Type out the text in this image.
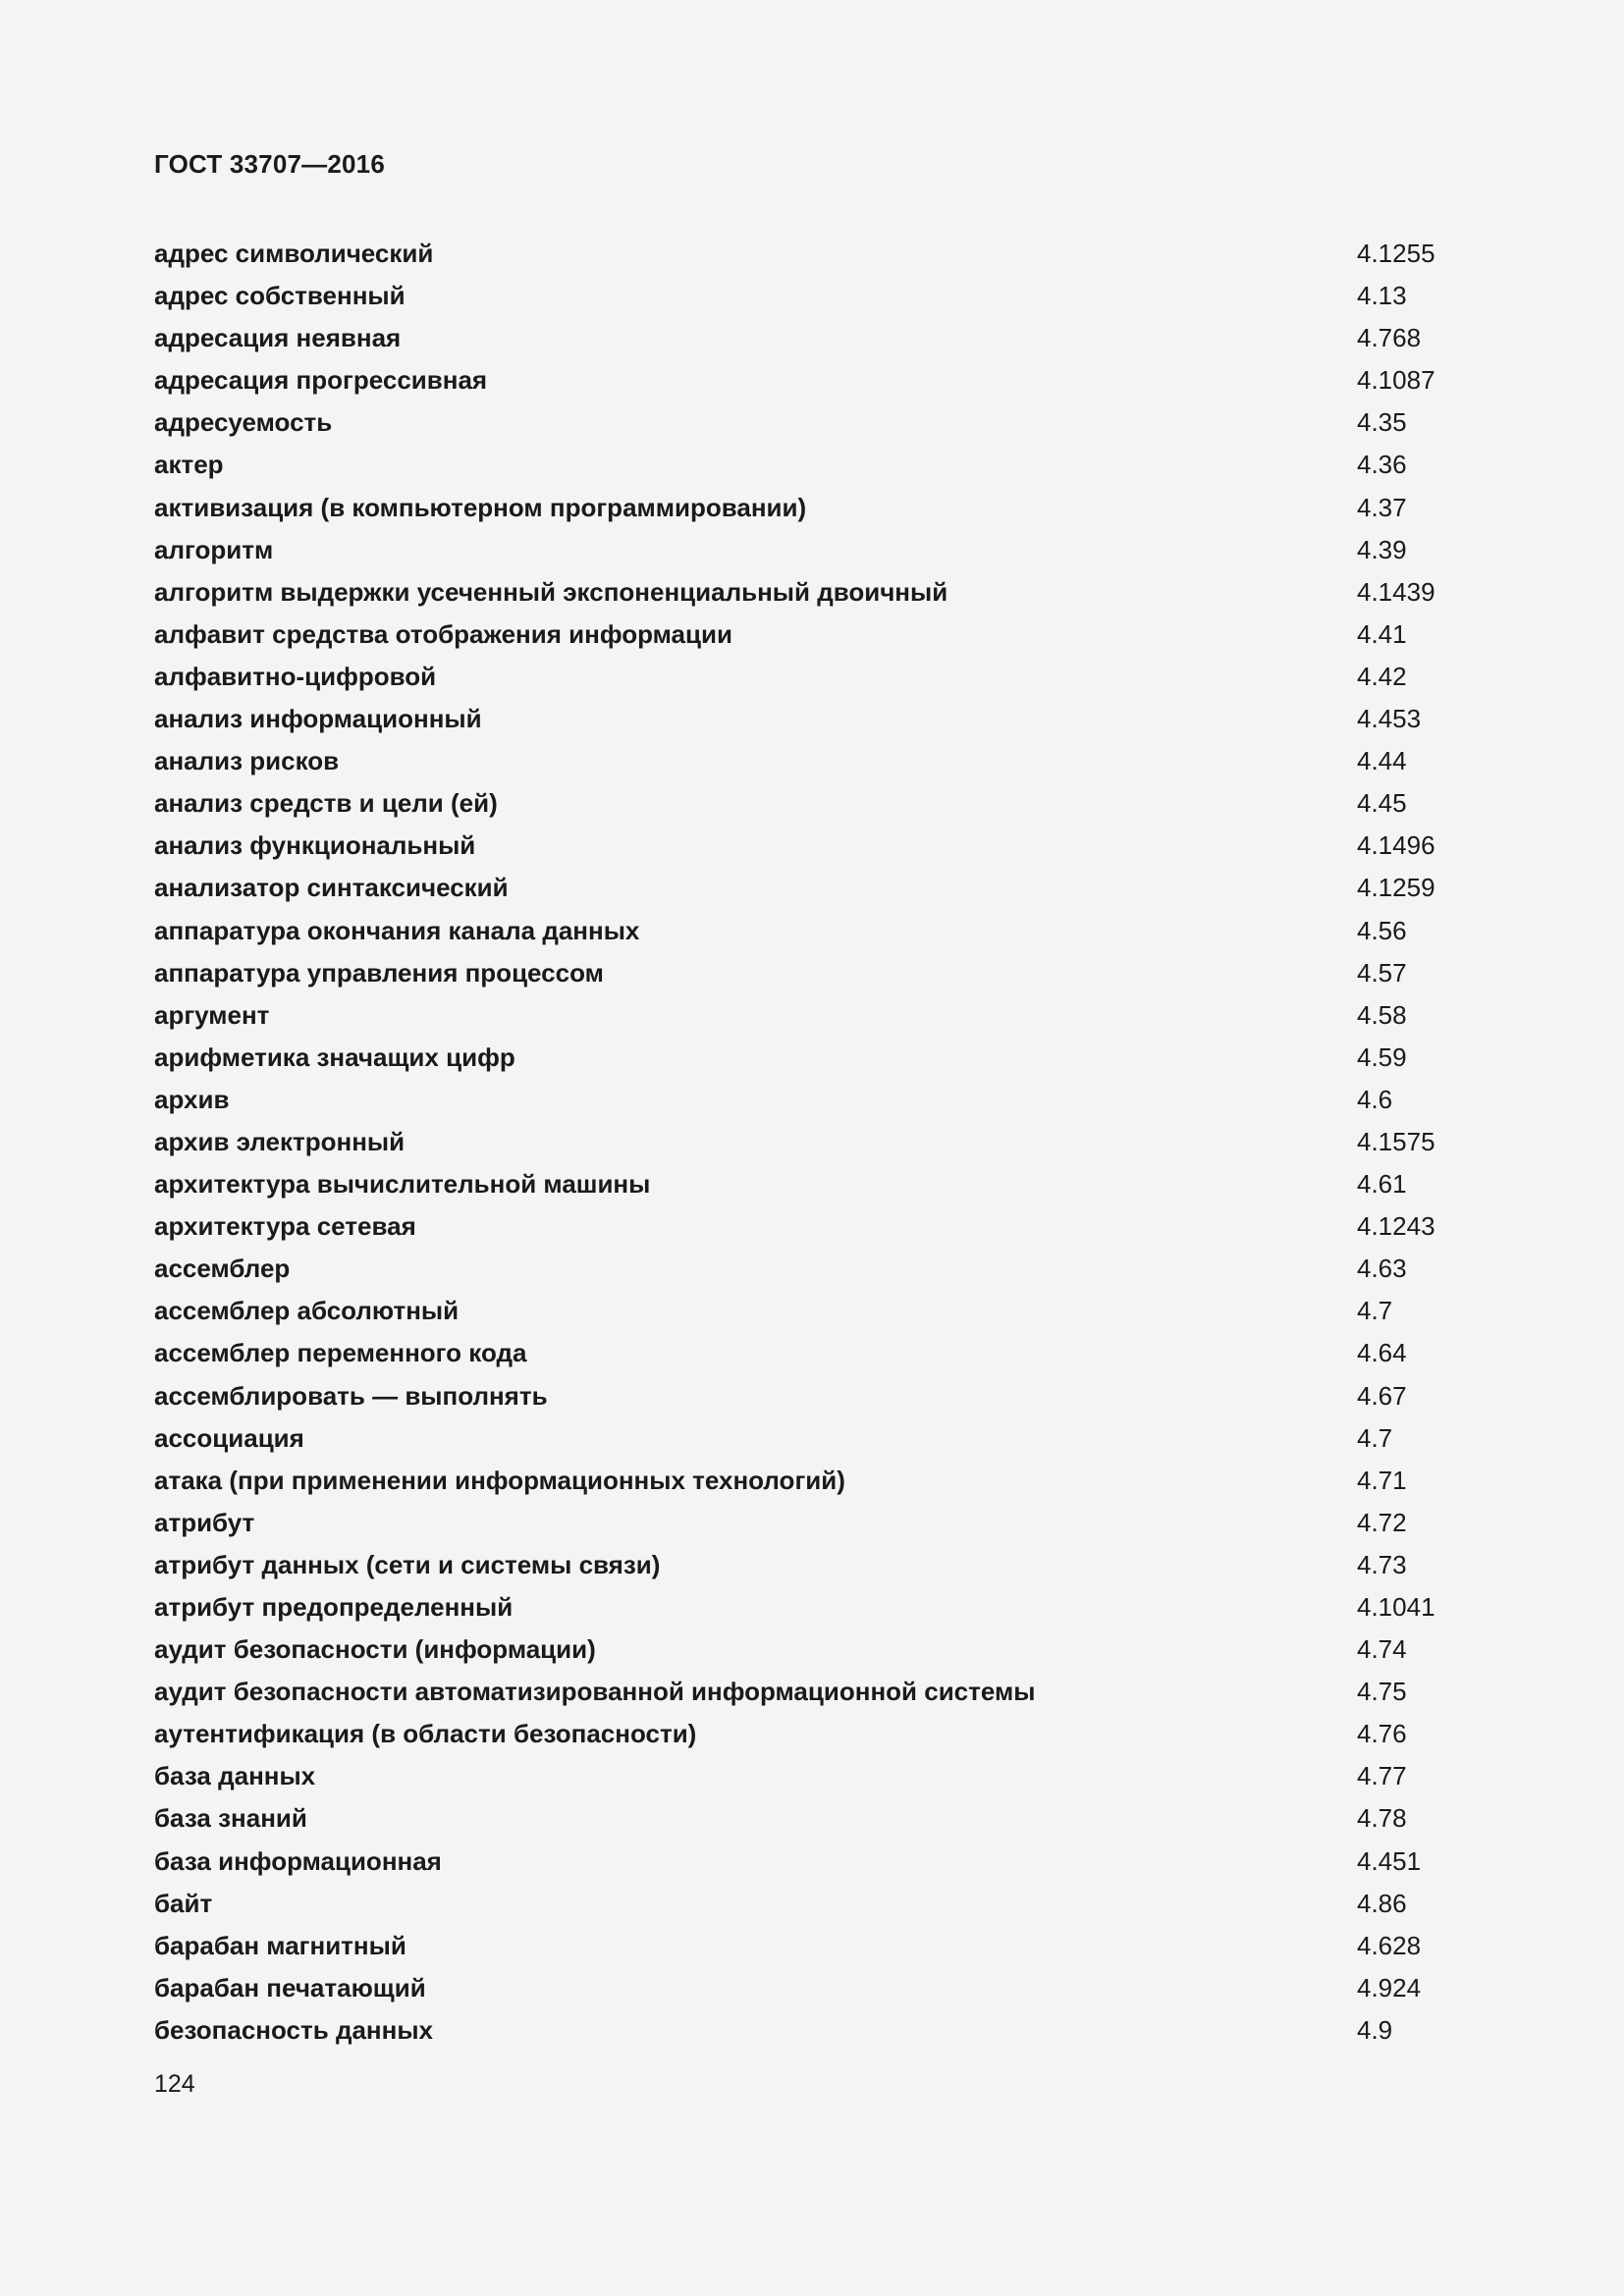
ГОСТ 33707—2016
адрес символический	4.1255
адрес собственный	4.13
адресация неявная	4.768
адресация прогрессивная	4.1087
адресуемость	4.35
актер	4.36
активизация (в компьютерном программировании)	4.37
алгоритм	4.39
алгоритм выдержки усеченный экспоненциальный двоичный	4.1439
алфавит средства отображения информации	4.41
алфавитно-цифровой	4.42
анализ информационный	4.453
анализ рисков	4.44
анализ средств и цели (ей)	4.45
анализ функциональный	4.1496
анализатор синтаксический	4.1259
аппаратура окончания канала данных	4.56
аппаратура управления процессом	4.57
аргумент	4.58
арифметика значащих цифр	4.59
архив	4.6
архив электронный	4.1575
архитектура вычислительной машины	4.61
архитектура сетевая	4.1243
ассемблер	4.63
ассемблер абсолютный	4.7
ассемблер переменного кода	4.64
ассемблировать — выполнять	4.67
ассоциация	4.7
атака (при применении информационных технологий)	4.71
атрибут	4.72
атрибут данных (сети и системы связи)	4.73
атрибут предопределенный	4.1041
аудит безопасности (информации)	4.74
аудит безопасности автоматизированной информационной системы	4.75
аутентификация (в области безопасности)	4.76
база данных	4.77
база знаний	4.78
база информационная	4.451
байт	4.86
барабан магнитный	4.628
барабан печатающий	4.924
безопасность данных	4.9
124
